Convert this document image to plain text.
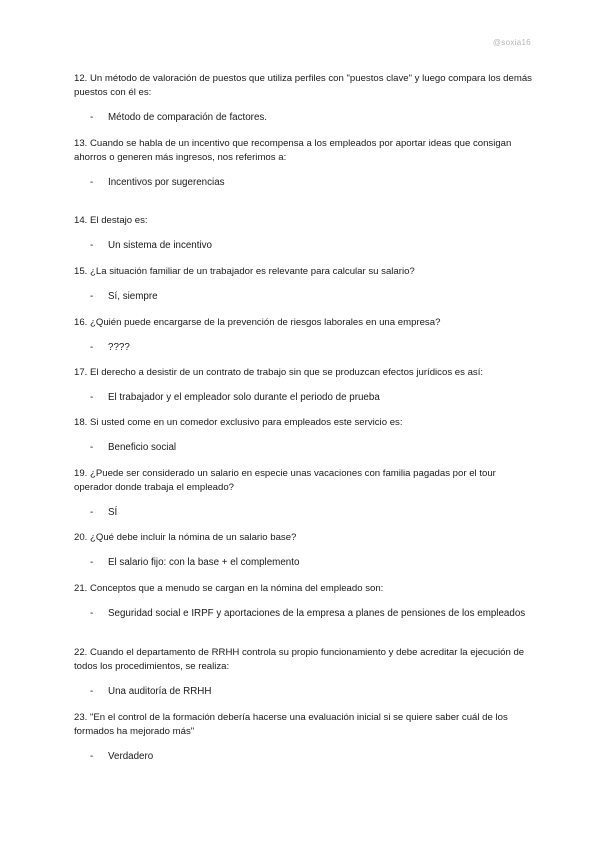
@soxia16

12. Un método de valoración de puestos que utiliza perfiles con "puestos clave" y luego compara los demás puestos con él es:

-	Método de comparación de factores.

13. Cuando se habla de un incentivo que recompensa a los empleados por aportar ideas que consigan ahorros o generen más ingresos, nos referimos a:

-	Incentivos por sugerencias

14. El destajo es:

-	Un sistema de incentivo

15. ¿La situación familiar de un trabajador es relevante para calcular su salario?

-	Sí, siempre

16. ¿Quién puede encargarse de la prevención de riesgos laborales en una empresa?

-	????

17. El derecho a desistir de un contrato de trabajo sin que se produzcan efectos jurídicos es así:

-	El trabajador y el empleador solo durante el periodo de prueba

18. Si usted come en un comedor exclusivo para empleados este servicio es:

-	Beneficio social

19. ¿Puede ser considerado un salario en especie unas vacaciones con familia pagadas por el tour operador donde trabaja el empleado?

-	SÍ

20. ¿Qué debe incluir la nómina de un salario base?

-	El salario fijo: con la base + el complemento

21. Conceptos que a menudo se cargan en la nómina del empleado son:

-	Seguridad social e IRPF y aportaciones de la empresa a planes de pensiones de los empleados

22. Cuando el departamento de RRHH controla su propio funcionamiento y debe acreditar la ejecución de todos los procedimientos, se realiza:

-	Una auditoría de RRHH

23. "En el control de la formación debería hacerse una evaluación inicial si se quiere saber cuál de los formados ha mejorado más"

-	Verdadero
